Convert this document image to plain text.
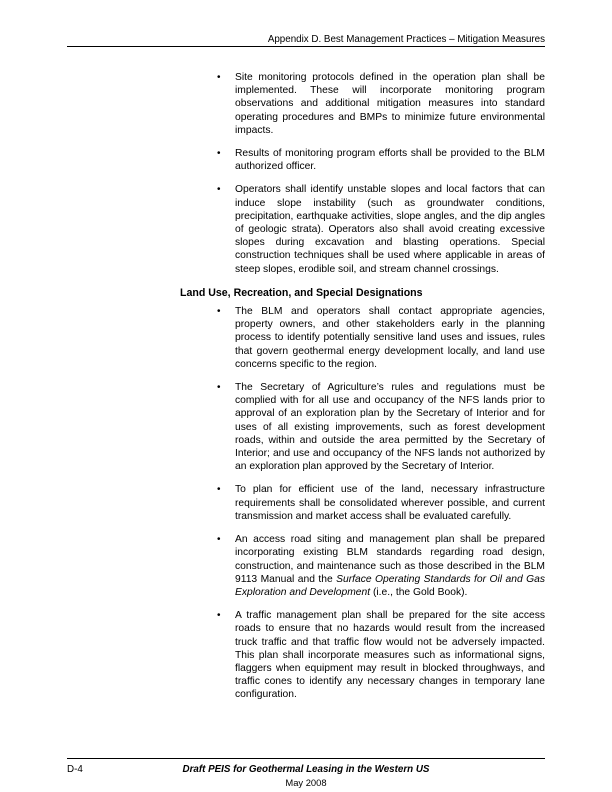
Appendix D. Best Management Practices – Mitigation Measures
•	Site monitoring protocols defined in the operation plan shall be implemented. These will incorporate monitoring program observations and additional mitigation measures into standard operating procedures and BMPs to minimize future environmental impacts.
•	Results of monitoring program efforts shall be provided to the BLM authorized officer.
•	Operators shall identify unstable slopes and local factors that can induce slope instability (such as groundwater conditions, precipitation, earthquake activities, slope angles, and the dip angles of geologic strata). Operators also shall avoid creating excessive slopes during excavation and blasting operations. Special construction techniques shall be used where applicable in areas of steep slopes, erodible soil, and stream channel crossings.
Land Use, Recreation, and Special Designations
•	The BLM and operators shall contact appropriate agencies, property owners, and other stakeholders early in the planning process to identify potentially sensitive land uses and issues, rules that govern geothermal energy development locally, and land use concerns specific to the region.
•	The Secretary of Agriculture’s rules and regulations must be complied with for all use and occupancy of the NFS lands prior to approval of an exploration plan by the Secretary of Interior and for uses of all existing improvements, such as forest development roads, within and outside the area permitted by the Secretary of Interior; and use and occupancy of the NFS lands not authorized by an exploration plan approved by the Secretary of Interior.
•	To plan for efficient use of the land, necessary infrastructure requirements shall be consolidated wherever possible, and current transmission and market access shall be evaluated carefully.
•	An access road siting and management plan shall be prepared incorporating existing BLM standards regarding road design, construction, and maintenance such as those described in the BLM 9113 Manual and the Surface Operating Standards for Oil and Gas Exploration and Development (i.e., the Gold Book).
•	A traffic management plan shall be prepared for the site access roads to ensure that no hazards would result from the increased truck traffic and that traffic flow would not be adversely impacted. This plan shall incorporate measures such as informational signs, flaggers when equipment may result in blocked throughways, and traffic cones to identify any necessary changes in temporary lane configuration.
D-4	Draft PEIS for Geothermal Leasing in the Western US
May 2008
